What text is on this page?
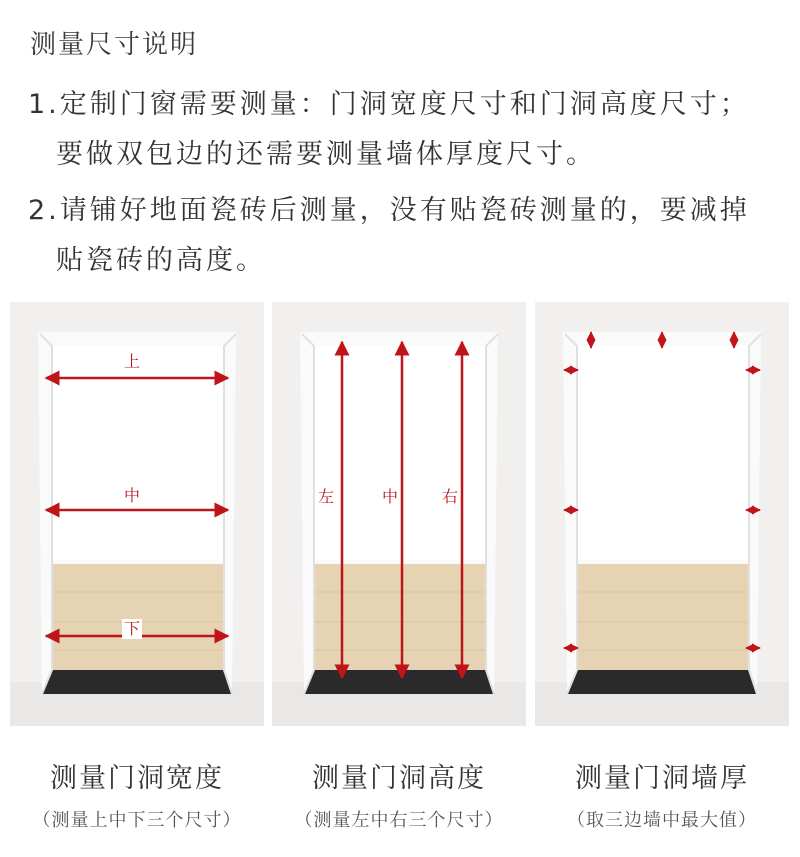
测量尺寸说明
1.定制门窗需要测量：门洞宽度尺寸和门洞高度尺寸；
要做双包边的还需要测量墙体厚度尺寸。
2.请铺好地面瓷砖后测量，没有贴瓷砖测量的，要减掉
贴瓷砖的高度。
上
中
下
左	中	右
测量门洞宽度
（测量上中下三个尺寸）
测量门洞高度
（测量左中右三个尺寸）
测量门洞墙厚
（取三边墙中最大值）
